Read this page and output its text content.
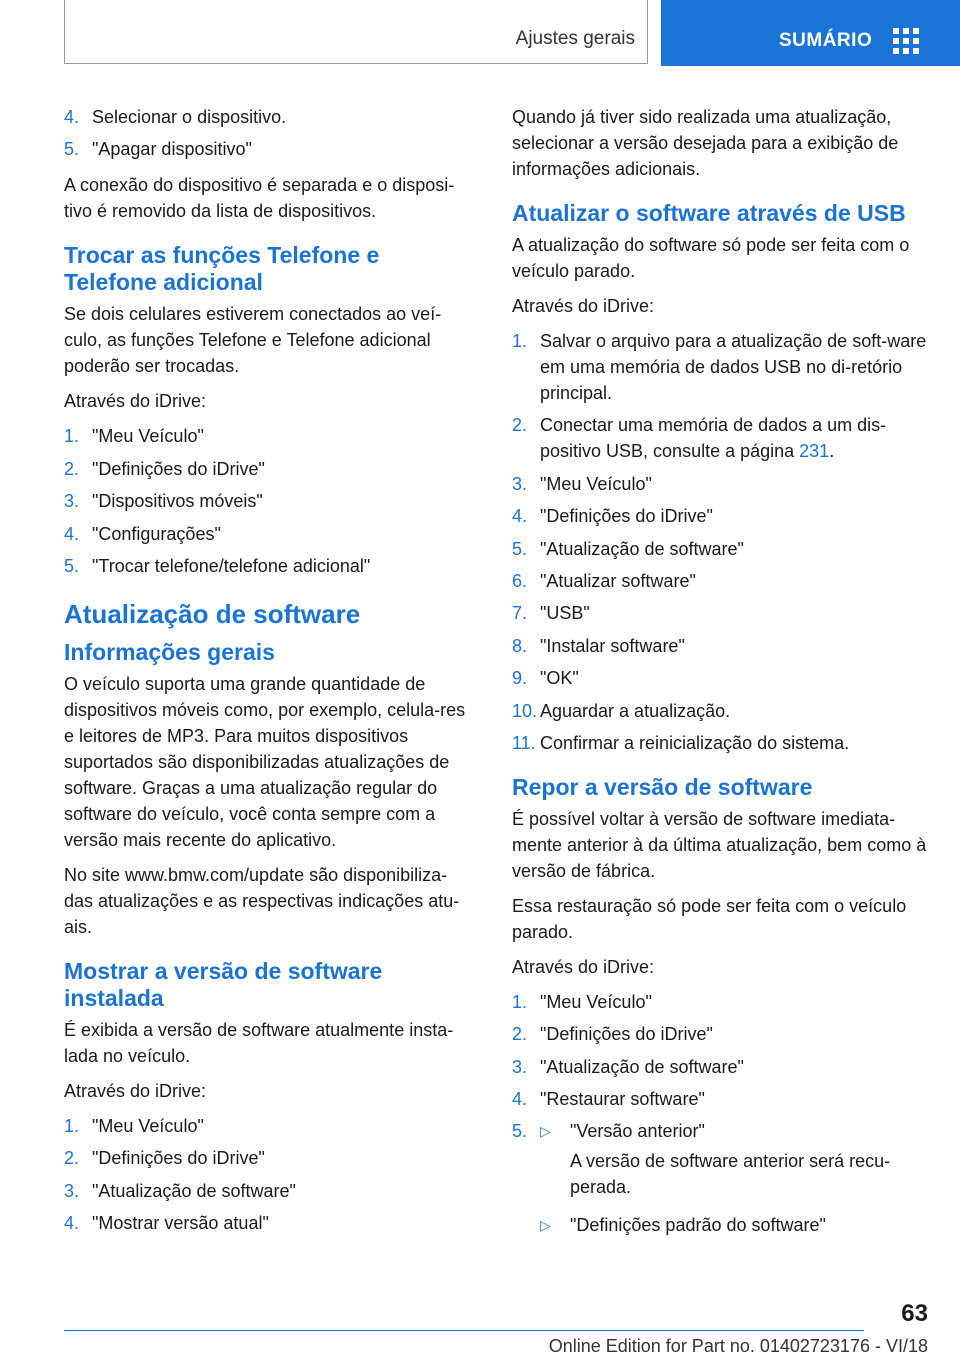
Ajustes gerais	SUMÁRIO
4. Selecionar o dispositivo.
5. "Apagar dispositivo"

A conexão do dispositivo é separada e o disposi-tivo é removido da lista de dispositivos.

Trocar as funções Telefone e Telefone adicional

Se dois celulares estiverem conectados ao veí-culo, as funções Telefone e Telefone adicional poderão ser trocadas.

Através do iDrive:

1. "Meu Veículo"
2. "Definições do iDrive"
3. "Dispositivos móveis"
4. "Configurações"
5. "Trocar telefone/telefone adicional"
Atualização de software
Informações gerais

O veículo suporta uma grande quantidade de dispositivos móveis como, por exemplo, celula-res e leitores de MP3. Para muitos dispositivos suportados são disponibilizadas atualizações de software. Graças a uma atualização regular do software do veículo, você conta sempre com a versão mais recente do aplicativo.

No site www.bmw.com/update são disponibiliza-das atualizações e as respectivas indicações atu-ais.

Mostrar a versão de software instalada

É exibida a versão de software atualmente insta-lada no veículo.

Através do iDrive:

1. "Meu Veículo"
2. "Definições do iDrive"
3. "Atualização de software"
4. "Mostrar versão atual"

Quando já tiver sido realizada uma atualização, selecionar a versão desejada para a exibição de informações adicionais.

Atualizar o software através de USB

A atualização do software só pode ser feita com o veículo parado.

Através do iDrive:

1. Salvar o arquivo para a atualização de soft-ware em uma memória de dados USB no di-retório principal.
2. Conectar uma memória de dados a um dis-positivo USB, consulte a página 231.
3. "Meu Veículo"
4. "Definições do iDrive"
5. "Atualização de software"
6. "Atualizar software"
7. "USB"
8. "Instalar software"
9. "OK"
10. Aguardar a atualização.
11. Confirmar a reinicialização do sistema.
Repor a versão de software

É possível voltar à versão de software imediata-mente anterior à da última atualização, bem como à versão de fábrica.

Essa restauração só pode ser feita com o veículo parado.

Através do iDrive:

1. "Meu Veículo"
2. "Definições do iDrive"
3. "Atualização de software"
4. "Restaurar software"
5. ▷	"Versão anterior"
A versão de software anterior será recu-perada.
▷	"Definições padrão do software"
63
Online Edition for Part no. 01402723176 - VI/18
